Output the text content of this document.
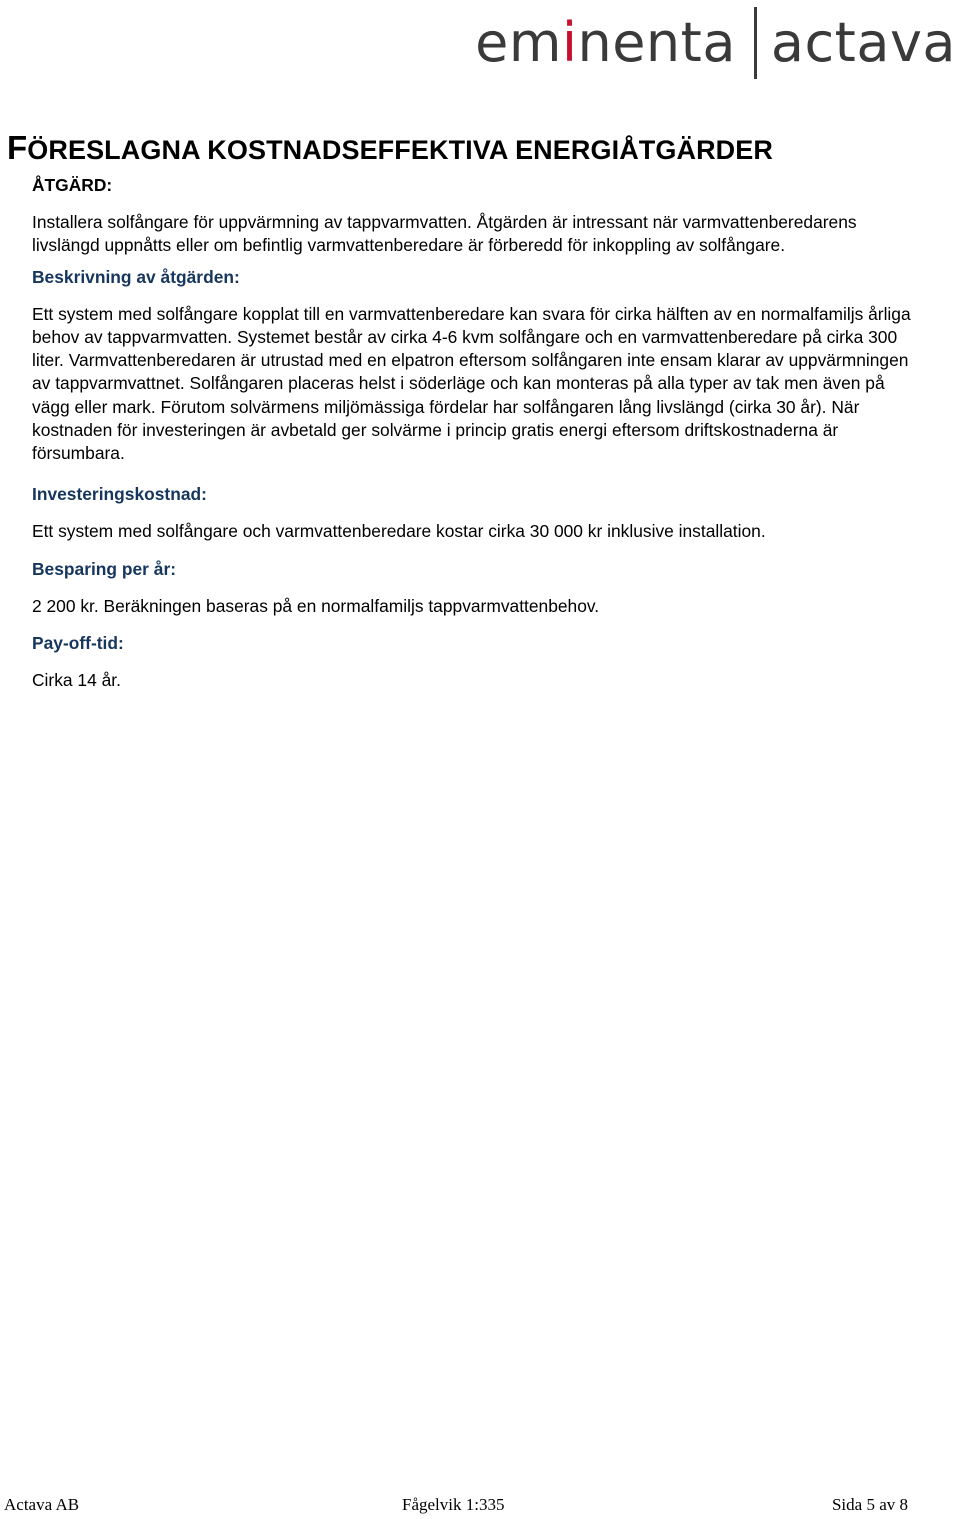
em i nenta actava
FÖRESLAGNA KOSTNADSEFFEKTIVA ENERGIÅTGÄRDER

ÅTGÄRD:

Installera solfångare för uppvärmning av tappvarmvatten. Åtgärden är intressant när varmvattenberedarens livslängd uppnåtts eller om befintlig varmvattenberedare är förberedd för inkoppling av solfångare.

Beskrivning av åtgärden:

Ett system med solfångare kopplat till en varmvattenberedare kan svara för cirka hälften av en normalfamiljs årliga behov av tappvarmvatten. Systemet består av cirka 4-6 kvm solfångare och en varmvattenberedare på cirka 300 liter. Varmvattenberedaren är utrustad med en elpatron eftersom solfångaren inte ensam klarar av uppvärmningen av tappvarmvattnet. Solfångaren placeras helst i söderläge och kan monteras på alla typer av tak men även på vägg eller mark. Förutom solvärmens miljömässiga fördelar har solfångaren lång livslängd (cirka 30 år). När kostnaden för investeringen är avbetald ger solvärme i princip gratis energi eftersom driftskostnaderna är försumbara.

Investeringskostnad:

Ett system med solfångare och varmvattenberedare kostar cirka 30 000 kr inklusive installation.

Besparing per år:

2 200 kr. Beräkningen baseras på en normalfamiljs tappvarmvattenbehov.

Pay-off-tid:

Cirka 14 år.

Actava AB	Fågelvik 1:335	Sida 5 av 8
